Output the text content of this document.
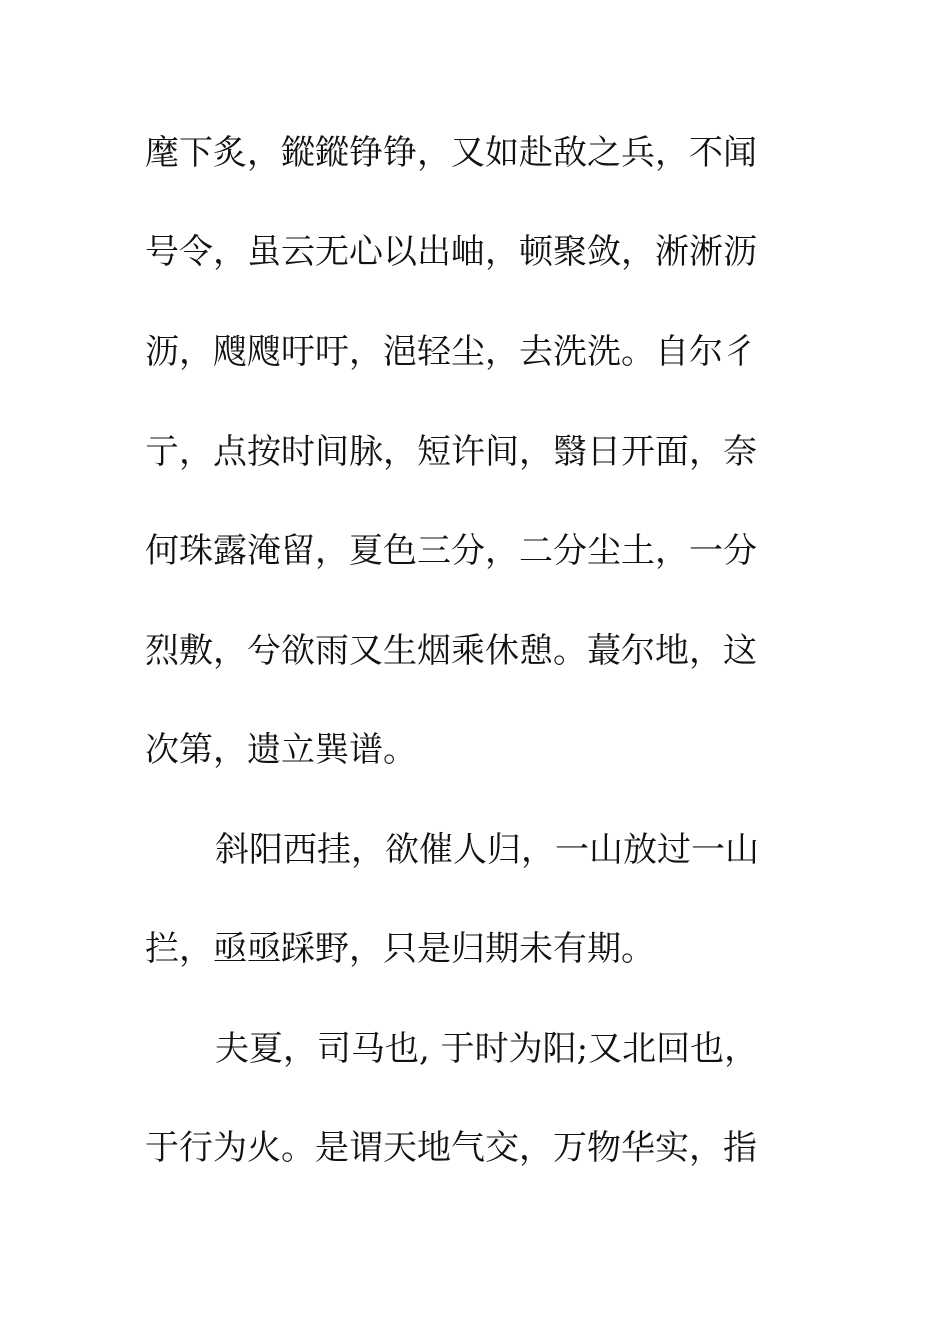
麾下炙，鏦鏦铮铮，又如赴敌之兵，不闻
号令，虽云无心以出岫，顿聚敛，淅淅沥
沥，飕飕吁吁，浥轻尘，去洗洗。自尔彳
亍，点按时间脉，短许间，翳日开面，奈
何珠露淹留，夏色三分，二分尘土，一分
烈敷，兮欲雨又生烟乘休憩。蕞尔地，这
次第，遗立巽谱。
斜阳西挂，欲催人归，一山放过一山
拦，亟亟踩野，只是归期未有期。
夫夏，司马也, 于时为阳;又北回也，
于行为火。是谓天地气交，万物华实，指
